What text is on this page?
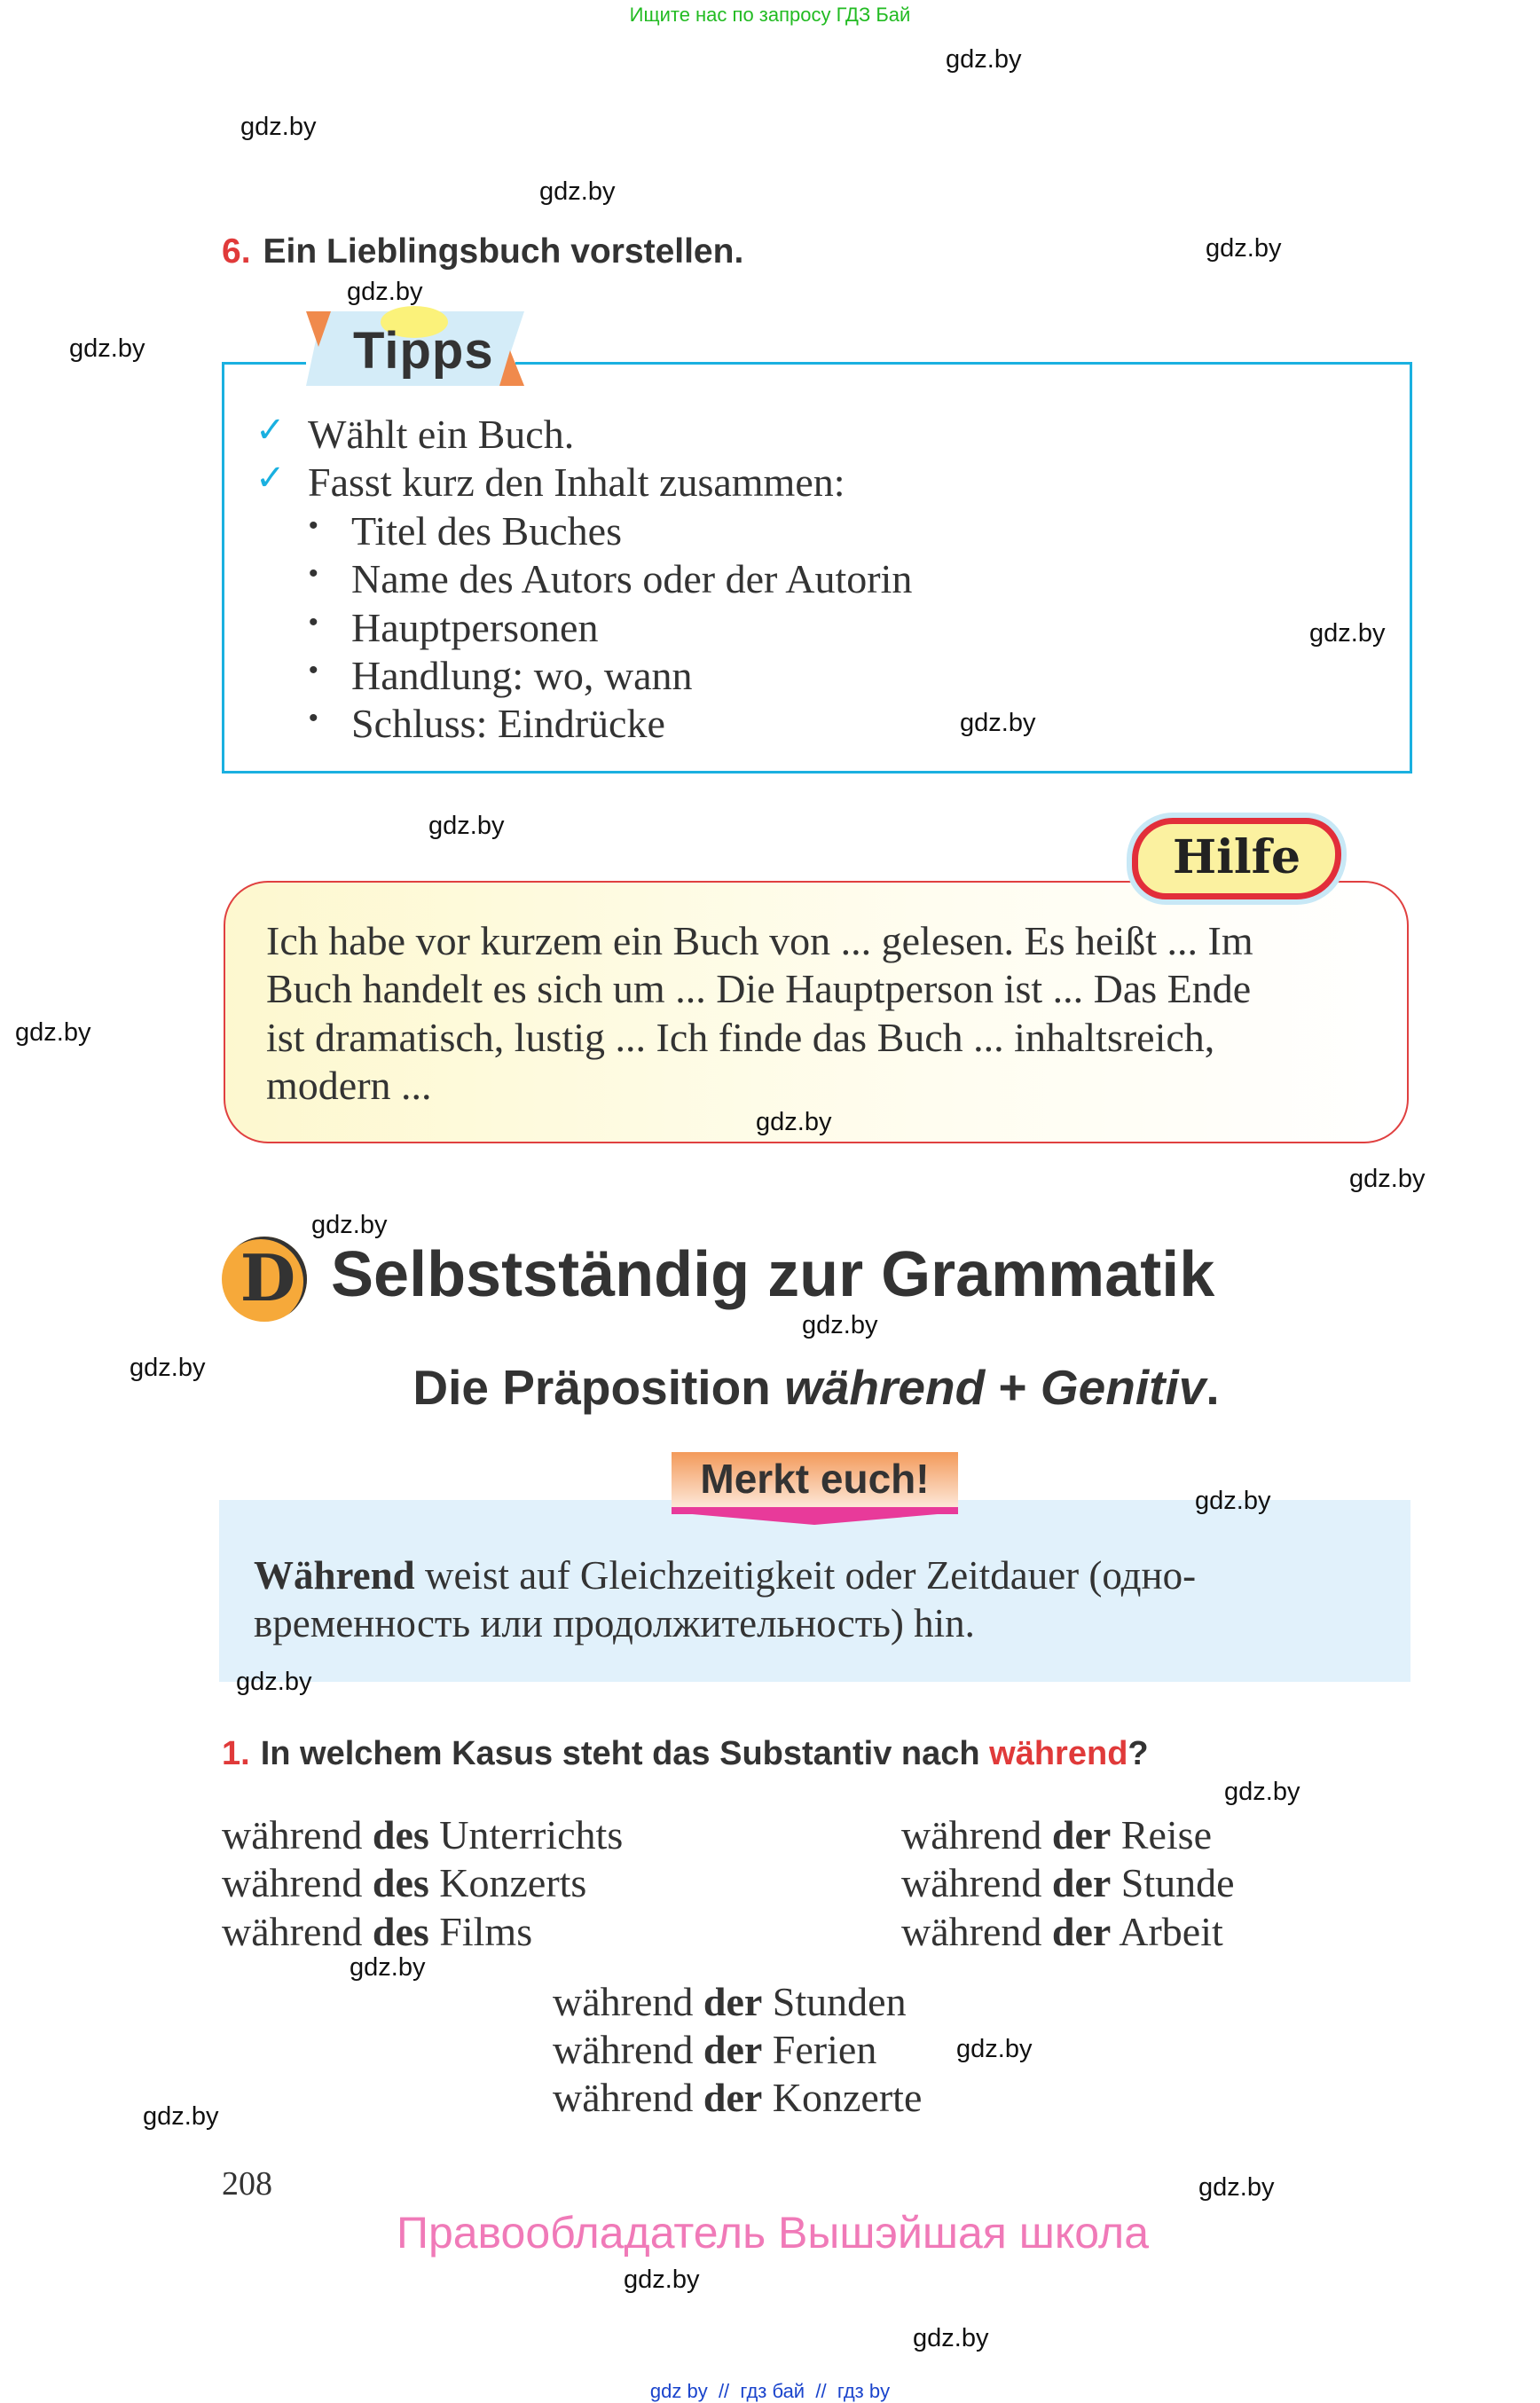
Ищите нас по запросу ГДЗ Бай
gdz.by
gdz.by
gdz.by
gdz.by
gdz.by
gdz.by
gdz.by
gdz.by
gdz.by
gdz.by
gdz.by
gdz.by
gdz.by
gdz.by
gdz.by
gdz.by
gdz.by
gdz.by
gdz.by
6. Ein Lieblingsbuch vorstellen.
Tipps
✓ Wählt ein Buch.
✓ Fasst kurz den Inhalt zusammen:
• Titel des Buches
• Name des Autors oder der Autorin
• Hauptpersonen
• Handlung: wo, wann
• Schluss: Eindrücke
Hilfe
Ich habe vor kurzem ein Buch von ... gelesen. Es heißt ... Im
Buch handelt es sich um ... Die Hauptperson ist ... Das Ende
ist dramatisch, lustig ... Ich finde das Buch ... inhaltsreich,
modern ...
gdz.by
D Selbstständig zur Grammatik
gdz.by
Die Präposition während + Genitiv.
Merkt euch!	gdz.by
Während weist auf Gleichzeitigkeit oder Zeitdauer (одно-
временность или продолжительность) hin.
gdz.by
1. In welchem Kasus steht das Substantiv nach während?
während des Unterrichts
während des Konzerts
während des Films
während der Reise
während der Stunde
während der Arbeit
während der Stunden
während der Ferien
während der Konzerte
208
gdz.by
Правообладатель Вышэйшая школа
gdz by // гдз бай // гдз by
